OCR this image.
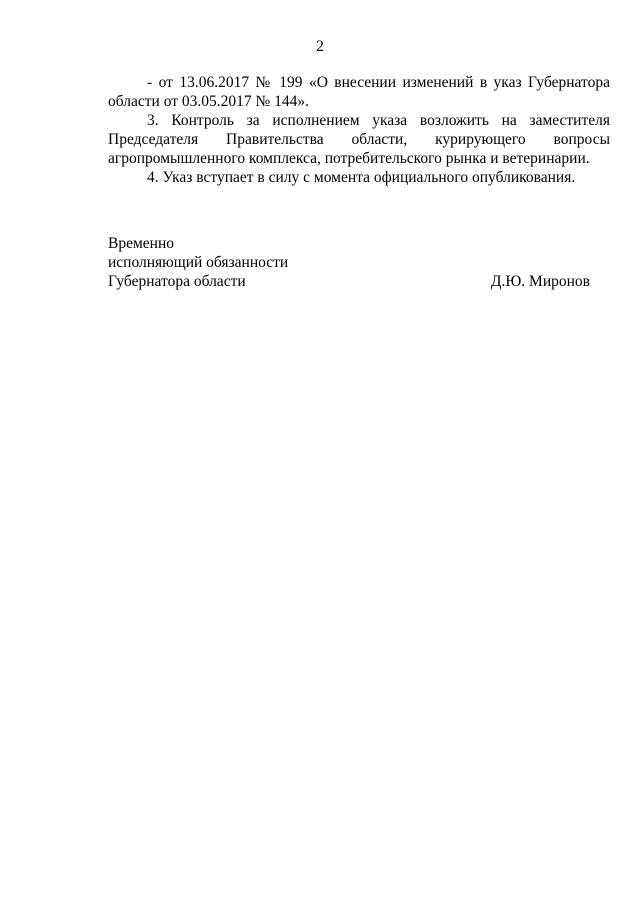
2

- от 13.06.2017 № 199 «О внесении изменений в указ Губернатора области от 03.05.2017 № 144».

3. Контроль за исполнением указа возложить на заместителя Председателя Правительства области, курирующего вопросы агропромышленного комплекса, потребительского рынка и ветеринарии.

4. Указ вступает в силу с момента официального опубликования.

Временно
исполняющий обязанности
Губернатора области	Д.Ю. Миронов
